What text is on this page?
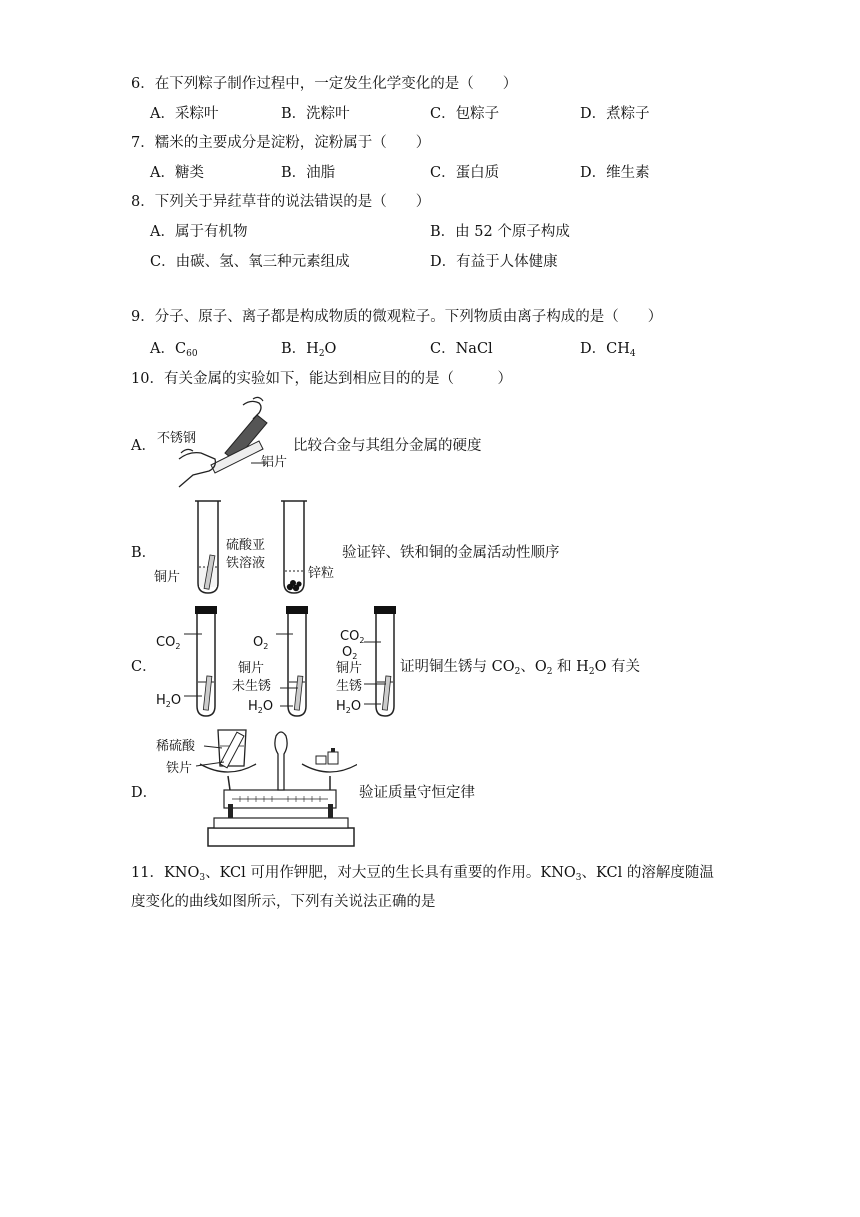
6．在下列粽子制作过程中，一定发生化学变化的是（　　）
A．采粽叶	B．洗粽叶	C．包粽子	D．煮粽子
7．糯米的主要成分是淀粉，淀粉属于（　　）
A．糖类	B．油脂	C．蛋白质	D．维生素
8．下列关于异荭草苷的说法错误的是（　　）
A．属于有机物	B．由 52 个原子构成
C．由碳、氢、氧三种元素组成	D．有益于人体健康
9．分子、原子、离子都是构成物质的微观粒子。下列物质由离子构成的是（　　）
A．$C_{60}$	B．$H_2O$	C．NaCl	D．$CH_4$
10．有关金属的实验如下，能达到相应目的的是（　　　）
A． 不锈钢
铝片
比较合金与其组分金属的硬度
B．
铜片
硫酸亚
铁溶液
锌粒
验证锌、铁和铜的金属活动性顺序
C．
$CO_2$
$H_2O$
$O_2$
铜片
未生锈
$H_2O$
$CO_2$
$O_2$
铜片
生锈
$H_2O$
证明铜生锈与 $CO_2$、$O_2$ 和 $H_2O$ 有关
D．
稀硫酸
铁片
验证质量守恒定律
11．$KNO_3$、KCl 可用作钾肥，对大豆的生长具有重要的作用。$KNO_3$、KCl 的溶解度随温
度变化的曲线如图所示，下列有关说法正确的是
